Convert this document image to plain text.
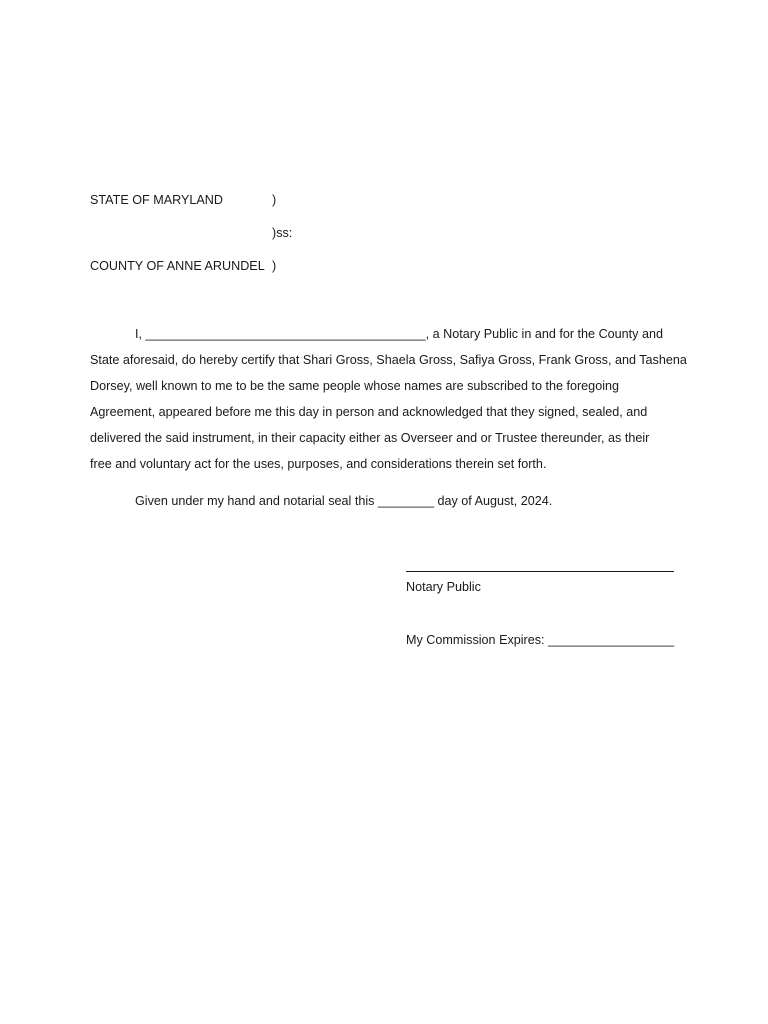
STATE OF MARYLAND	)
)ss:
COUNTY OF ANNE ARUNDEL )
I, ________________________________________, a Notary Public in and for the County and
State aforesaid, do hereby certify that Shari Gross, Shaela Gross, Safiya Gross, Frank Gross, and Tashena
Dorsey, well known to me to be the same people whose names are subscribed to the foregoing
Agreement, appeared before me this day in person and acknowledged that they signed, sealed, and
delivered the said instrument, in their capacity either as Overseer and or Trustee thereunder, as their
free and voluntary act for the uses, purposes, and considerations therein set forth.
Given under my hand and notarial seal this ________ day of August, 2024.
Notary Public
My Commission Expires: __________________
